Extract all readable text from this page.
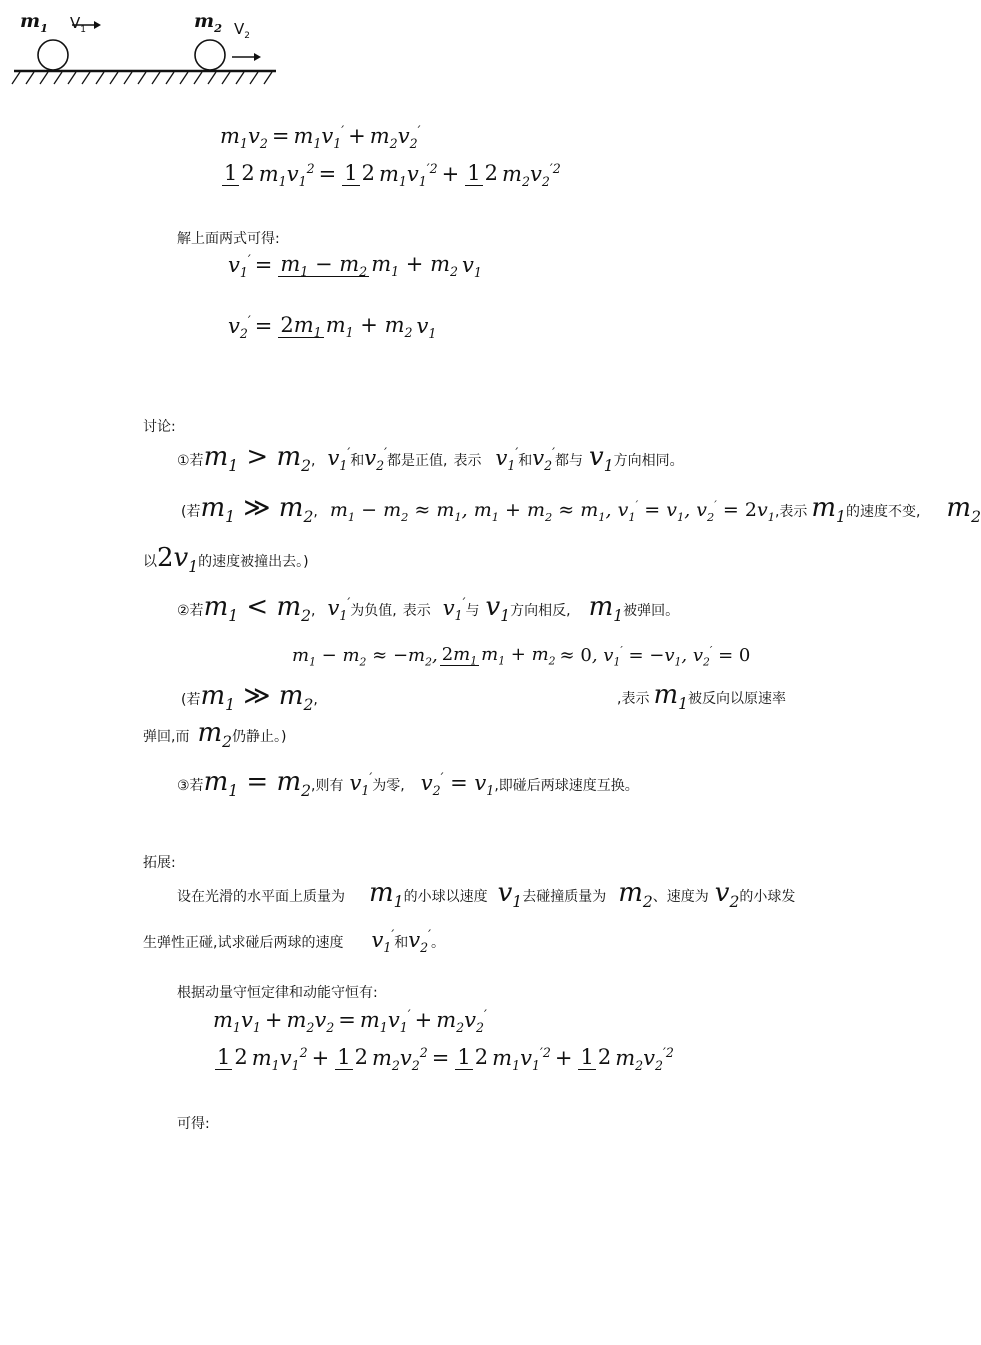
$m_1$ $V_1$	$m_2$ $V_2$
$m_1v_2 = m_1v_1' + m_2v_2'$
1 2 $m_1v_1^2 = 1$ 2 $m_1v_1^{'2} + 1$ 2 $m_2v_2^{'2}$
解上面两式可得:
$v_1' = m_1 - m_2$ $m_1 + m_2$ $v_1$
$v_2' = 2m_1$ $m_1 + m_2$ $v_1$
讨论:
①若 $m_1 > m_2$ , $v_1'$
和 $v_2'$
都是正值, 表示 $v_1'$
和 $v_2'$
都与 $v_1$ 方向相同。
(若 $m_1$ ≫ $m_2$ , $m_1 - m_2 \approx m_1$, $m_1 + m_2 \approx m_1$, $v_1' = v_1$, $v_2' = 2v_1$ ,表示 $m_1$ 的速度不变, $m_2$
以 $2v_1$ 的速度被撞出去。)
②若 $m_1 < m_2$ , $v_1'$
为负值, 表示 $v_1'$
与 $v_1$ 方向相反, $m_1$ 被弹回。
(若 $m_1$ ≫ $m_2$ ,
$m_1 - m_2 \approx -m_2$, $2m_1$ $m_1 + m_2 \approx 0$, $v_1' = -v_1$, $v_2' = 0$
,表示 $m_1$ 被反向以原速率
弹回,而 $m_2$ 仍静止。)
③若 $m_1 = m_2$ ,则有 $v_1'$
为零, $v_2' = v_1$ ,即碰后两球速度互换。
拓展:
设在光滑的水平面上质量为 $m_1$ 的小球以速度 $v_1$ 去碰撞质量为 $m_2$ 、速度为 $v_2$ 的小球发
生弹性正碰,试求碰后两球的速度 $v_1'$
和 $v_2'$
。
根据动量守恒定律和动能守恒有:
$m_1v_1 + m_2v_2 = m_1v_1' + m_2v_2'$
1 2 $m_1v_1^2 + 1$ 2 $m_2v_2^2 = 1$ 2 $m_1v_1^{'2} + 1$ 2 $m_2v_2^{'2}$
可得:
